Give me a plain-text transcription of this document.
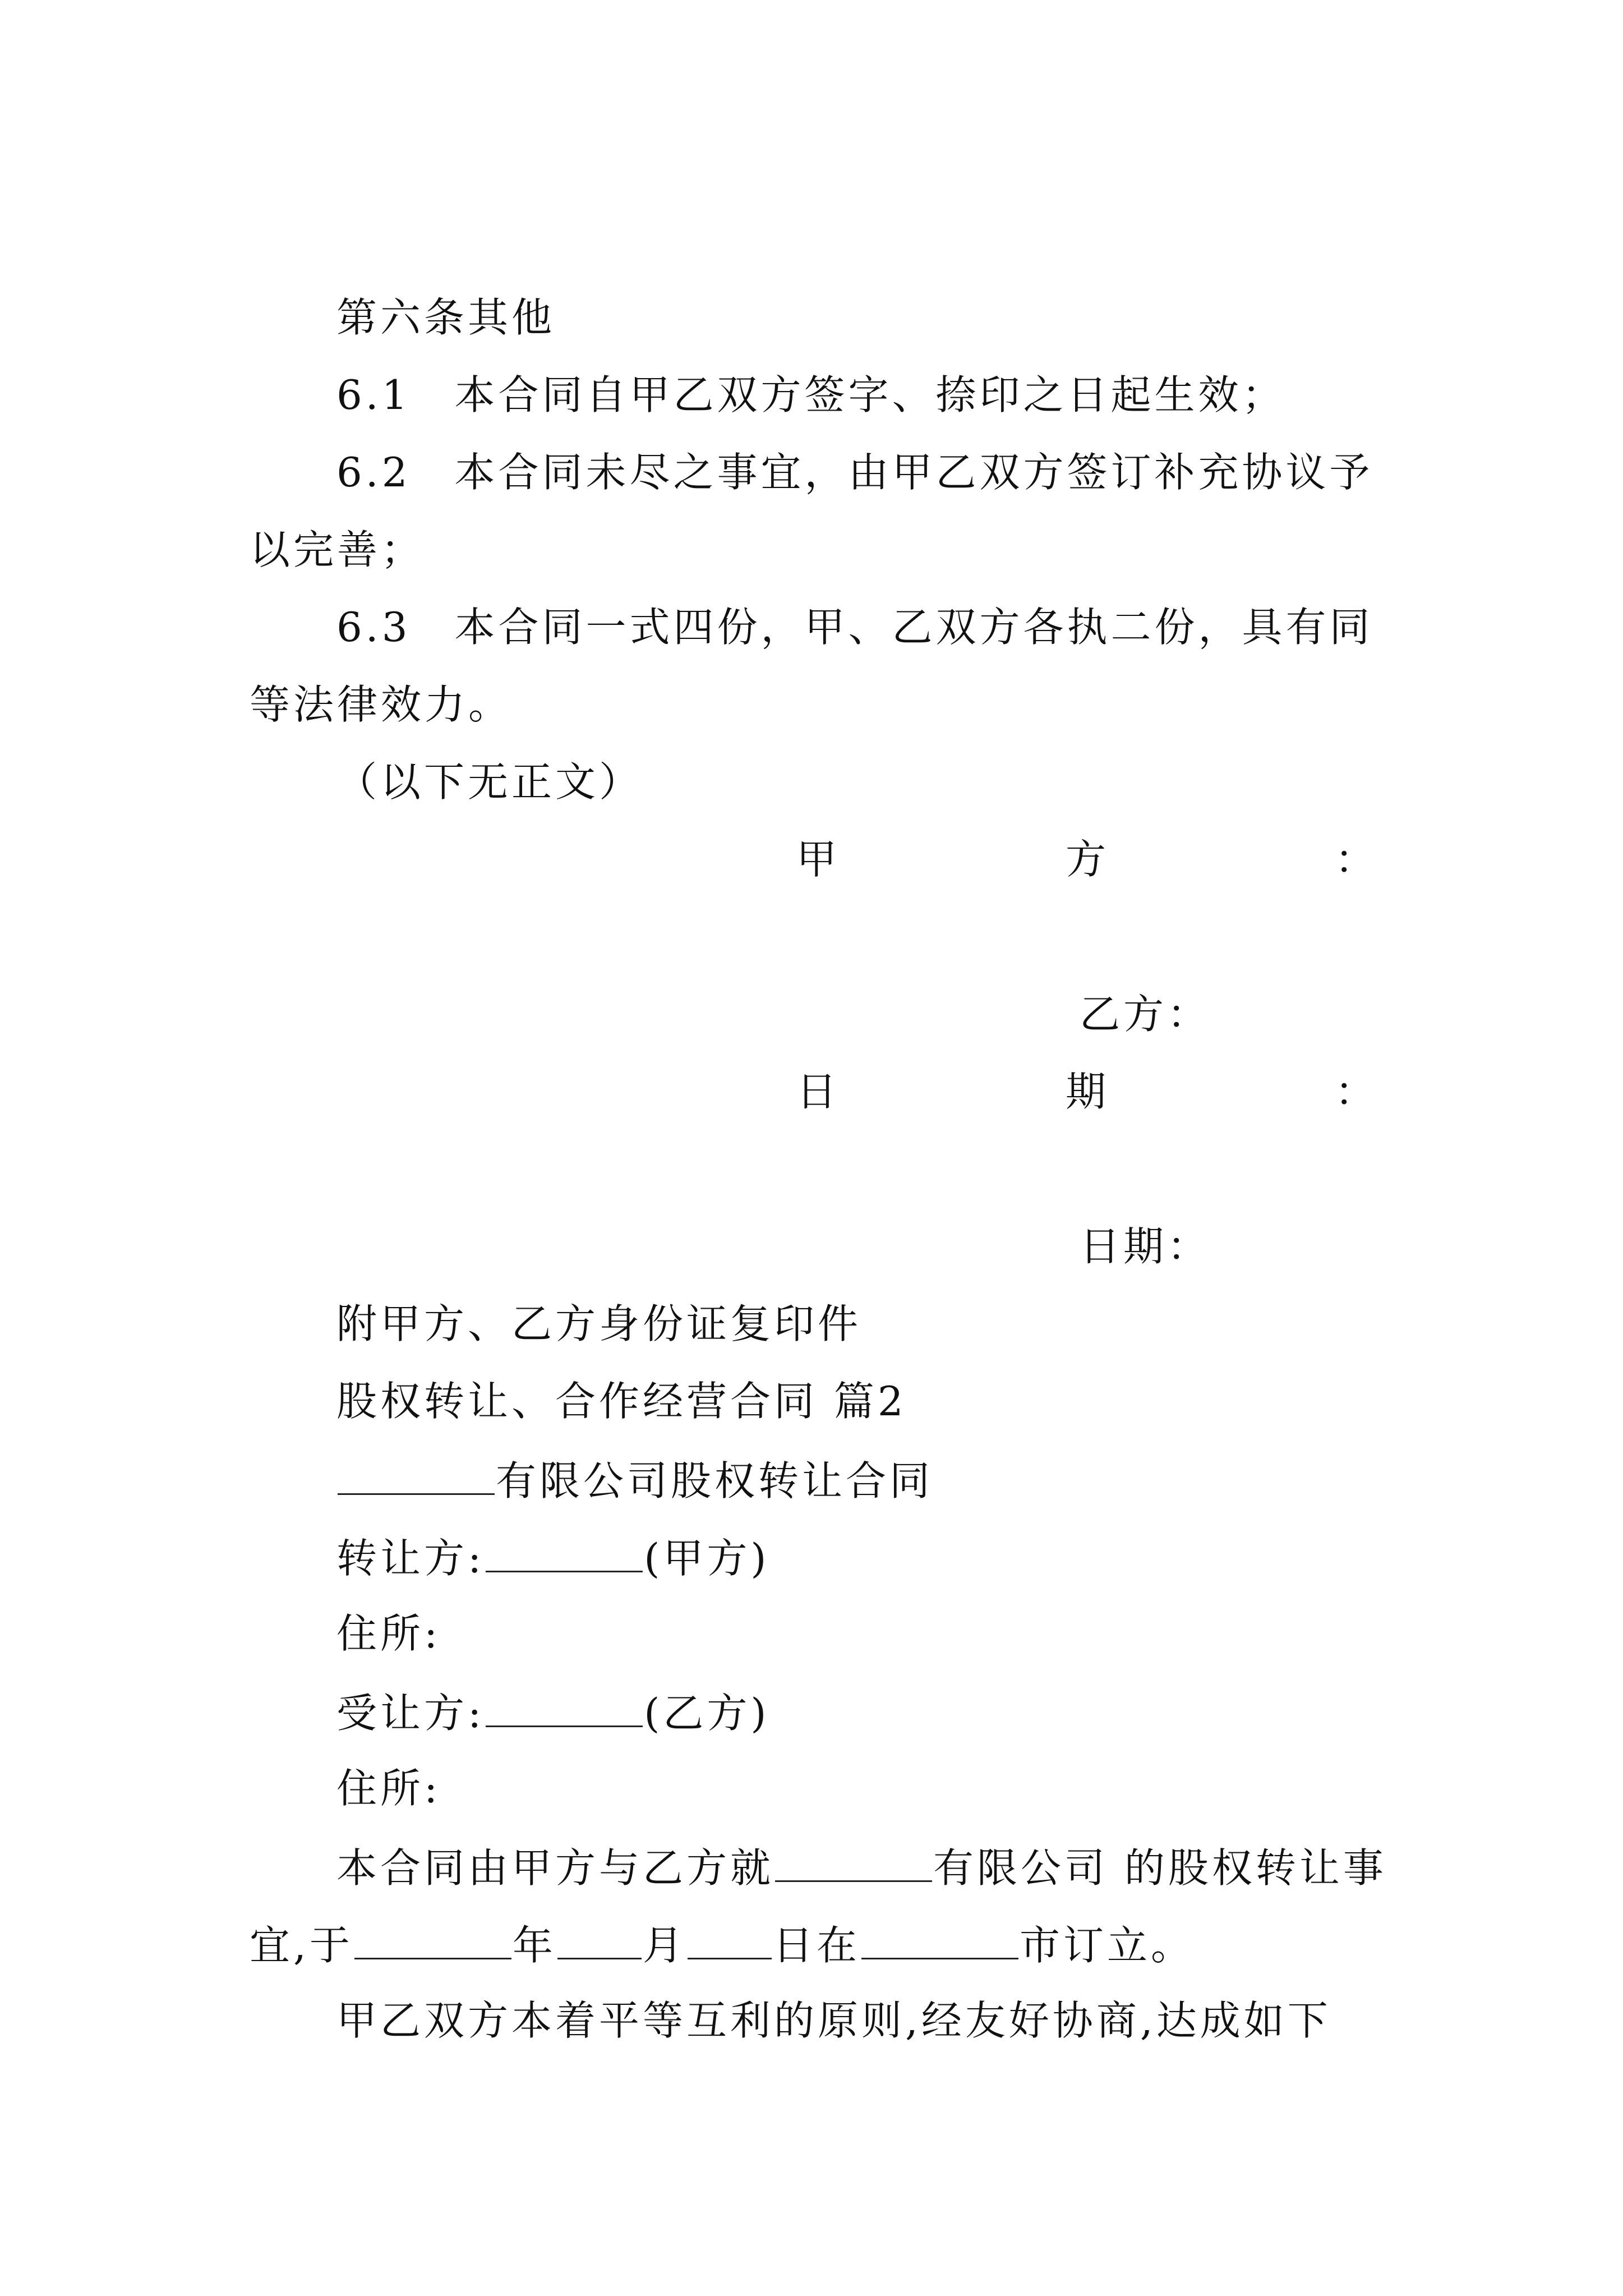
第六条其他
6.1　本合同自甲乙双方签字、捺印之日起生效；
6.2　本合同未尽之事宜，由甲乙双方签订补充协议予
以完善；
6.3　本合同一式四份，甲、乙双方各执二份，具有同
等法律效力。
（以下无正文）
甲	方	：
乙方：
日	期	：
日期：
附甲方、乙方身份证复印件
股权转让、合作经营合同 篇2
有限公司股权转让合同
转让方:	(甲方)
住所:
受让方:	(乙方)
住所:
本合同由甲方与乙方就	有限公司 的股权转让事
宜,于	年 月 日在	市订立。
甲乙双方本着平等互利的原则,经友好协商,达成如下
